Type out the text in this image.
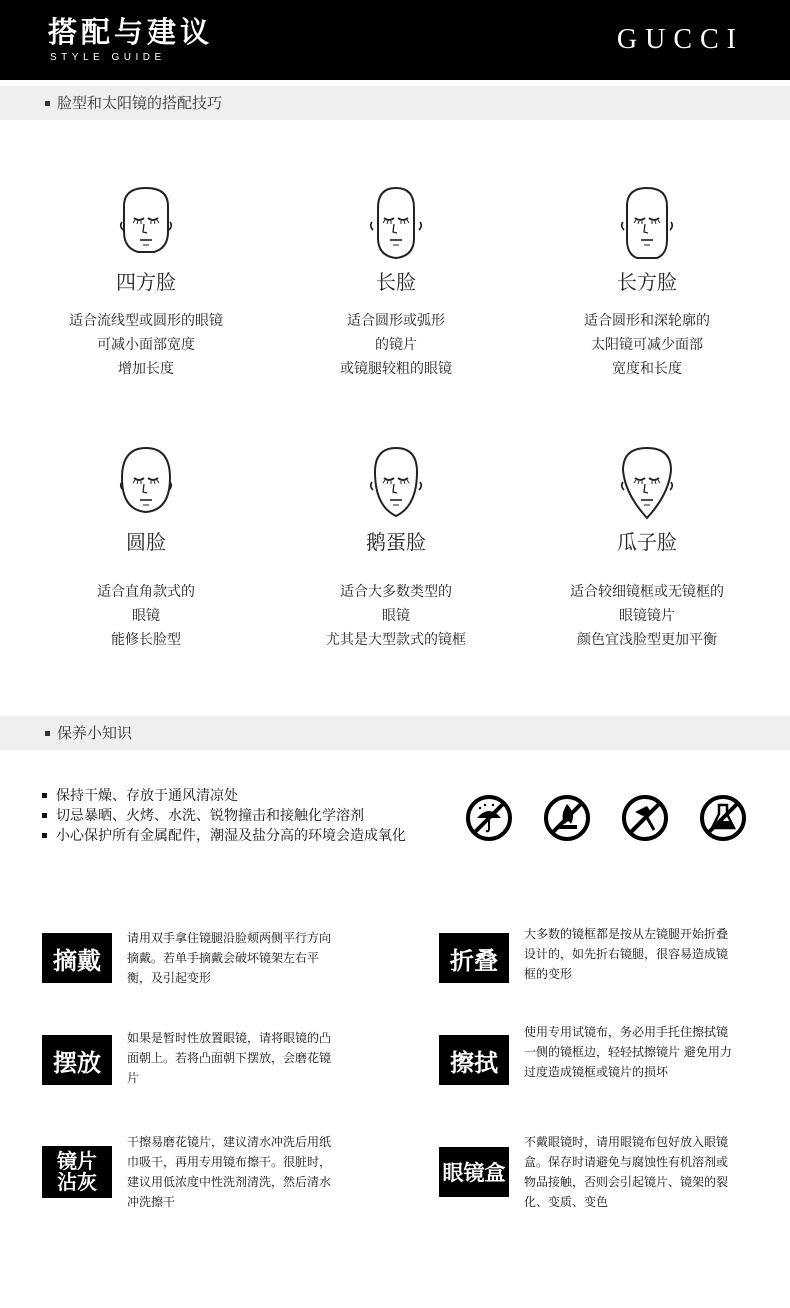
搭配与建议
STYLE GUIDE
GUCCI
脸型和太阳镜的搭配技巧
四方脸
适合流线型或圆形的眼镜
可减小面部宽度
增加长度
长脸
适合圆形或弧形
的镜片
或镜腿较粗的眼镜
长方脸
适合圆形和深轮廓的
太阳镜可减少面部
宽度和长度
圆脸
适合直角款式的
眼镜
能修长脸型
鹅蛋脸
适合大多数类型的
眼镜
尤其是大型款式的镜框
瓜子脸
适合较细镜框或无镜框的
眼镜镜片
颜色宜浅脸型更加平衡
保养小知识
保持干燥、存放于通风清凉处
切忌暴晒、火烤、水洗、锐物撞击和接触化学溶剂
小心保护所有金属配件，潮湿及盐分高的环境会造成氧化
摘戴
请用双手拿住镜腿沿脸颊两侧平行方向摘戴。若单手摘戴会破坏镜架左右平衡，及引起变形
折叠
大多数的镜框都是按从左镜腿开始折叠设计的，如先折右镜腿，很容易造成镜框的变形
摆放
如果是暂时性放置眼镜，请将眼镜的凸面朝上。若将凸面朝下摆放，会磨花镜片
擦拭
使用专用试镜布，务必用手托住擦拭镜一侧的镜框边，轻轻拭擦镜片 避免用力过度造成镜框或镜片的损坏
镜片
沾灰
干擦易磨花镜片，建议清水冲洗后用纸巾吸干，再用专用镜布擦干。很脏时，建议用低浓度中性洗剂清洗，然后清水冲洗擦干
眼镜盒
不戴眼镜时，请用眼镜布包好放入眼镜盒。保存时请避免与腐蚀性有机溶剂或物品接触，否则会引起镜片、镜架的裂化、变质、变色
